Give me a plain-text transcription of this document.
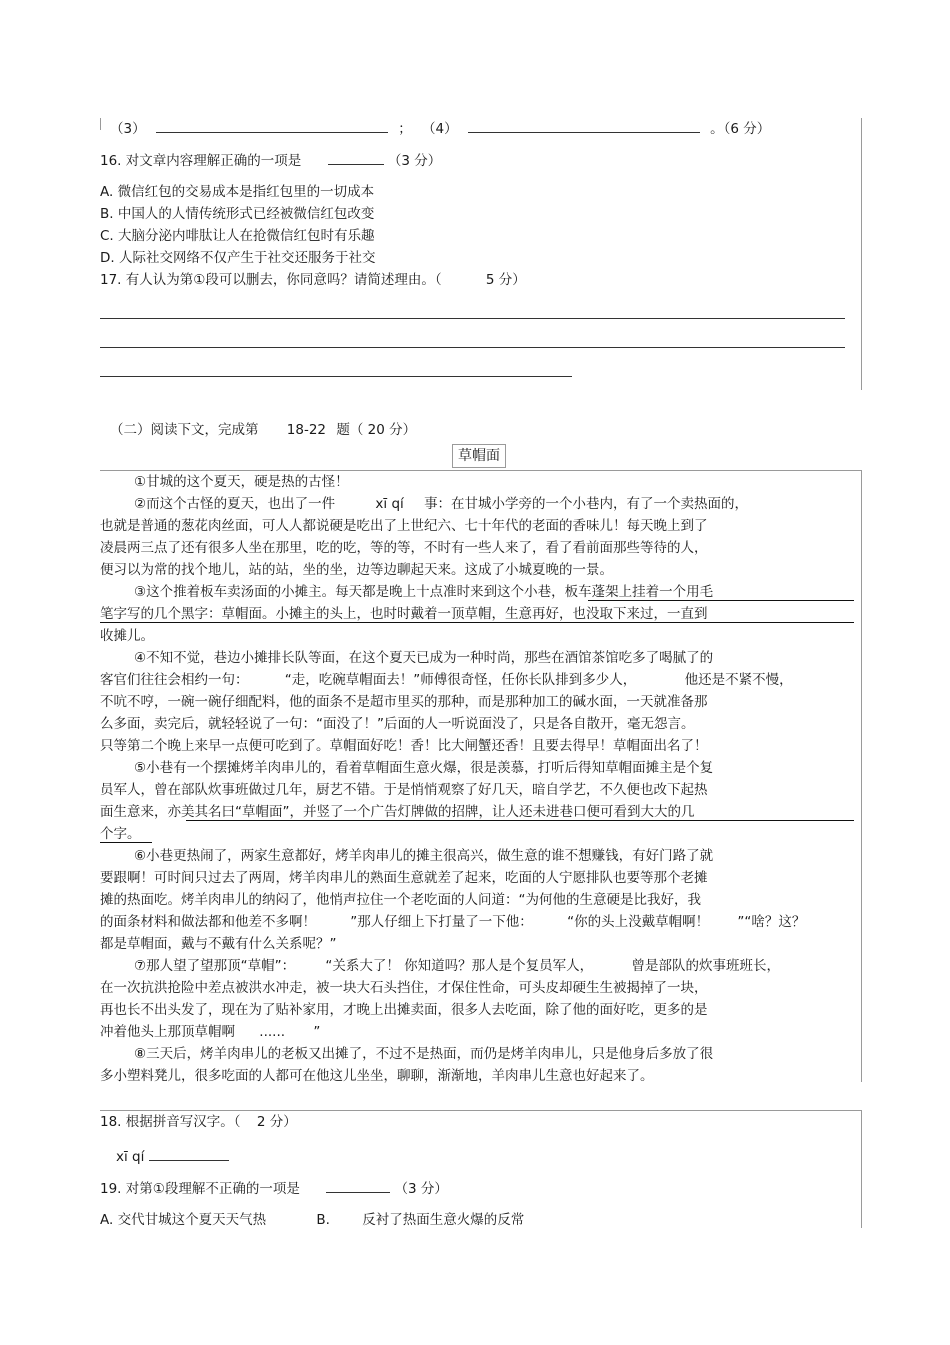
（3）	； （4）	。（6 分）
16. 对文章内容理解正确的一项是	（3 分）
A. 微信红包的交易成本是指红包里的一切成本
B. 中国人的人情传统形式已经被微信红包改变
C. 大脑分泌内啡肽让人在抢微信红包时有乐趣
D. 人际社交网络不仅产生于社交还服务于社交
17. 有人认为第①段可以删去，你同意吗？请简述理由。（	5 分）
（二）阅读下文，完成第 18-22 题（ 20 分）
草帽面
①甘城的这个夏天，硬是热的古怪！
②而这个古怪的夏天，也出了一件	xī qí 事：在甘城小学旁的一个小巷内，有了一个卖热面的，
也就是普通的葱花肉丝面，可人人都说硬是吃出了上世纪六、七十年代的老面的香味儿！每天晚上到了
凌晨两三点了还有很多人坐在那里，吃的吃，等的等，不时有一些人来了，看了看前面那些等待的人，
便习以为常的找个地儿，站的站，坐的坐，边等边聊起天来。这成了小城夏晚的一景。
③这个推着板车卖汤面的小摊主。每天都是晚上十点准时来到这个小巷，板车蓬架上挂着一个用毛
笔字写的几个黑字：草帽面。小摊主的头上，也时时戴着一顶草帽，生意再好，也没取下来过，一直到
收摊儿。
④不知不觉，巷边小摊排长队等面，在这个夏天已成为一种时尚，那些在酒馆茶馆吃多了喝腻了的
客官们往往会相约一句：	“走，吃碗草帽面去！”师傅很奇怪，任你长队排到多少人，	他还是不紧不慢，
不吭不哼，一碗一碗仔细配料，他的面条不是超市里买的那种，而是那种加工的碱水面，一天就准备那
么多面，卖完后，就轻轻说了一句：“面没了！”后面的人一听说面没了，只是各自散开，毫无怨言。
只等第二个晚上来早一点便可吃到了。草帽面好吃！香！比大闸蟹还香！且要去得早！草帽面出名了！
⑤小巷有一个摆摊烤羊肉串儿的，看着草帽面生意火爆，很是羡慕，打听后得知草帽面摊主是个复
员军人，曾在部队炊事班做过几年，厨艺不错。于是悄悄观察了好几天，暗自学艺，不久便也改下起热
面生意来，亦美其名曰“草帽面”，并竖了一个广告灯牌做的招牌，让人还未进巷口便可看到大大的几
个字。
⑥小巷更热闹了，两家生意都好，烤羊肉串儿的摊主很高兴，做生意的谁不想赚钱，有好门路了就
要跟啊！可时间只过去了两周，烤羊肉串儿的熟面生意就差了起来，吃面的人宁愿排队也要等那个老摊
摊的热面吃。烤羊肉串儿的纳闷了，他悄声拉住一个老吃面的人问道：“为何他的生意硬是比我好，我
的面条材料和做法都和他差不多啊！	”那人仔细上下打量了一下他：	“你的头上没戴草帽啊！ ”“啥？这？
都是草帽面，戴与不戴有什么关系呢？”
⑦那人望了望那顶“草帽”： “关系大了！ 你知道吗？那人是个复员军人，	曾是部队的炊事班班长，
在一次抗洪抢险中差点被洪水冲走，被一块大石头挡住，才保住性命，可头皮却硬生生被揭掉了一块，
再也长不出头发了，现在为了贴补家用，才晚上出摊卖面，很多人去吃面，除了他的面好吃，更多的是
冲着他头上那顶草帽啊 ...... ”
⑧三天后，烤羊肉串儿的老板又出摊了，不过不是热面，而仍是烤羊肉串儿，只是他身后多放了很
多小塑料凳儿，很多吃面的人都可在他这儿坐坐，聊聊，渐渐地，羊肉串儿生意也好起来了。
18. 根据拼音写汉字。（ 2 分）
xī qí
19. 对第①段理解不正确的一项是	（3 分）
A. 交代甘城这个夏天天气热	B. 反衬了热面生意火爆的反常
